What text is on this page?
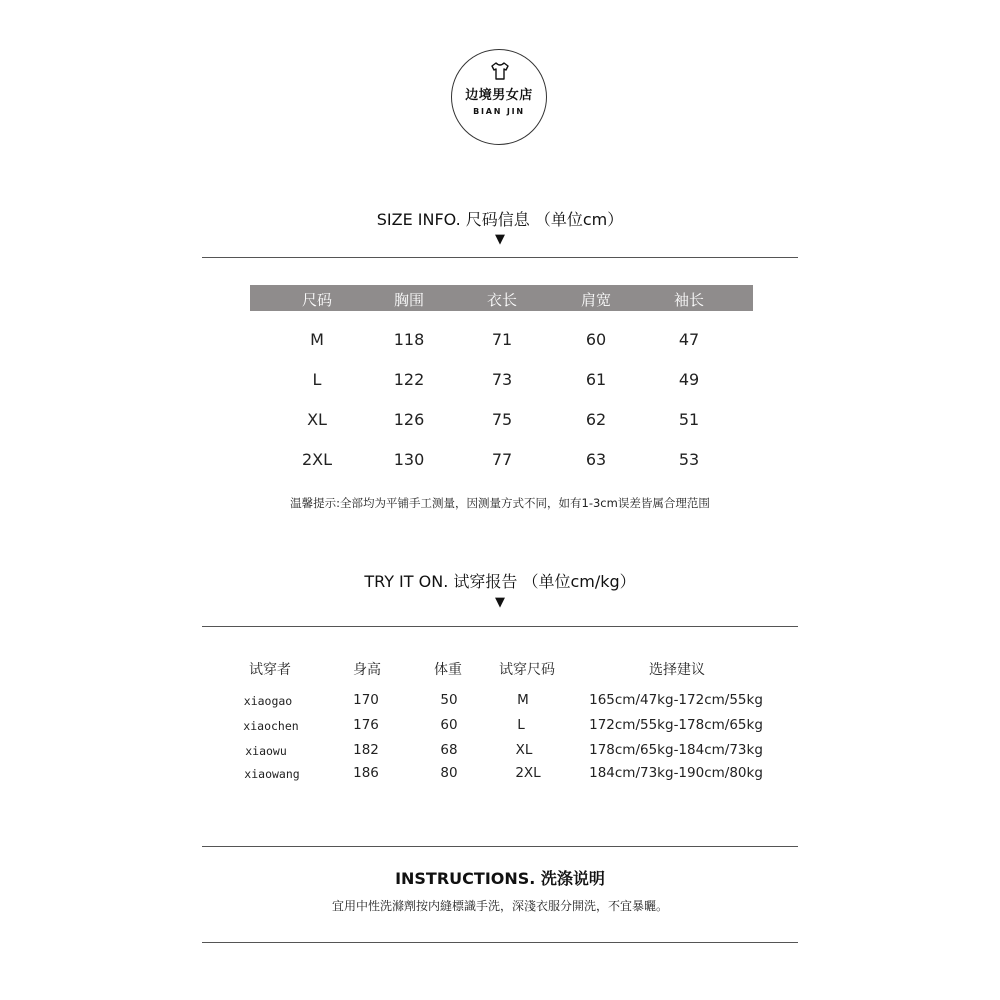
边境男女店
BIAN JIN
SIZE INFO. 尺码信息 （单位cm）
▼
尺码	胸围	衣长	肩宽	袖长
M	118	71	60	47
L	122	73	61	49
XL	126	75	62	51
2XL	130	77	63	53
温馨提示:全部均为平铺手工测量，因测量方式不同，如有1-3cm误差皆属合理范围
TRY IT ON. 试穿报告 （单位cm/kg）
▼
试穿者	身高	体重	试穿尺码	选择建议
xiaogao	170	50	M	165cm/47kg-172cm/55kg
xiaochen	176	60	L	172cm/55kg-178cm/65kg
xiaowu	182	68	XL	178cm/65kg-184cm/73kg
xiaowang	186	80	2XL	184cm/73kg-190cm/80kg
INSTRUCTIONS. 洗涤说明
宜用中性洗滌劑按内縫標識手洗，深淺衣服分開洗，不宜暴曬。
